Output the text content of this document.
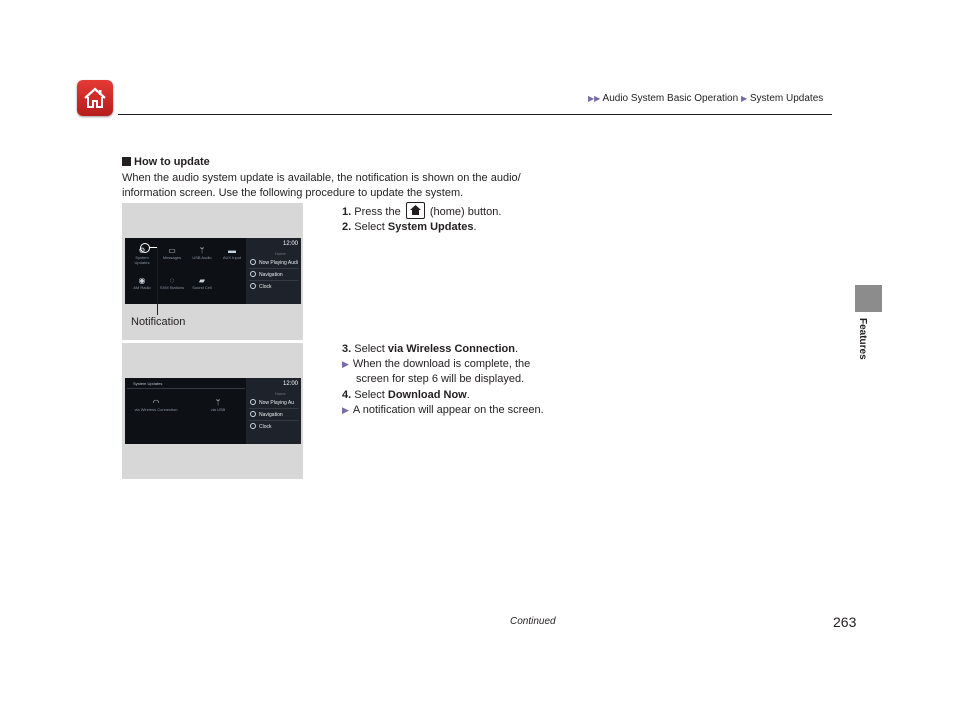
▶▶ Audio System Basic Operation ▶ System Updates
Features
How to update
When the audio system update is available, the notification is shown on the audio/ information screen. Use the following procedure to update the system.
⚙
System Updates
▭
Messages
ᛘ
USB Audio
▬
AUX Input
◉
AM Radio
◌
SXM Stations
▰
Sound Cell
12:00
Home
Now Playing Audi
Navigation
Clock
Notification
1. Press the	(home) button.
2. Select System Updates.
System Updates
◠
via Wireless Connection
ᛘ
via USB
12:00
Home
Now Playing Au
Navigation
Clock
3. Select via Wireless Connection.
▶ When the download is complete, the
screen for step 6 will be displayed.
4. Select Download Now.
▶ A notification will appear on the screen.
Continued	263
